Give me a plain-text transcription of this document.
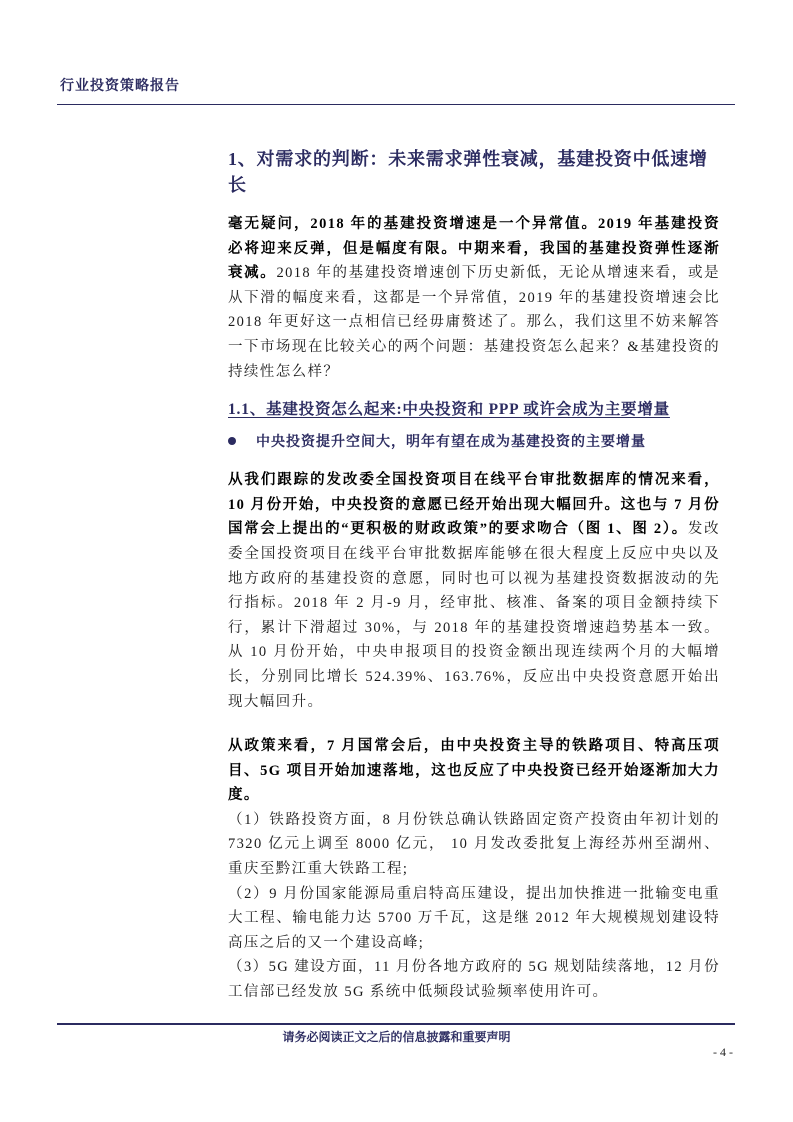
行业投资策略报告
1、对需求的判断：未来需求弹性衰减，基建投资中低速增长
毫无疑问，2018 年的基建投资增速是一个异常值。2019 年基建投资必将迎来反弹，但是幅度有限。中期来看，我国的基建投资弹性逐渐衰减。2018 年的基建投资增速创下历史新低，无论从增速来看，或是从下滑的幅度来看，这都是一个异常值，2019 年的基建投资增速会比 2018 年更好这一点相信已经毋庸赘述了。那么，我们这里不妨来解答一下市场现在比较关心的两个问题：基建投资怎么起来？&基建投资的持续性怎么样？
1.1、基建投资怎么起来:中央投资和 PPP 或许会成为主要增量
中央投资提升空间大，明年有望在成为基建投资的主要增量
从我们跟踪的发改委全国投资项目在线平台审批数据库的情况来看，10 月份开始，中央投资的意愿已经开始出现大幅回升。这也与 7 月份国常会上提出的“更积极的财政政策”的要求吻合（图 1、图 2）。发改委全国投资项目在线平台审批数据库能够在很大程度上反应中央以及地方政府的基建投资的意愿，同时也可以视为基建投资数据波动的先行指标。2018 年 2 月-9 月，经审批、核准、备案的项目金额持续下行，累计下滑超过 30%，与 2018 年的基建投资增速趋势基本一致。从 10 月份开始，中央申报项目的投资金额出现连续两个月的大幅增长，分别同比增长 524.39%、163.76%，反应出中央投资意愿开始出现大幅回升。
从政策来看，7 月国常会后，由中央投资主导的铁路项目、特高压项目、5G 项目开始加速落地，这也反应了中央投资已经开始逐渐加大力度。
（1）铁路投资方面，8 月份铁总确认铁路固定资产投资由年初计划的 7320 亿元上调至 8000 亿元， 10 月发改委批复上海经苏州至湖州、重庆至黔江重大铁路工程;
（2）9 月份国家能源局重启特高压建设，提出加快推进一批输变电重大工程、输电能力达 5700 万千瓦，这是继 2012 年大规模规划建设特高压之后的又一个建设高峰;
（3）5G 建设方面，11 月份各地方政府的 5G 规划陆续落地，12 月份工信部已经发放 5G 系统中低频段试验频率使用许可。
请务必阅读正文之后的信息披露和重要声明
- 4 -
